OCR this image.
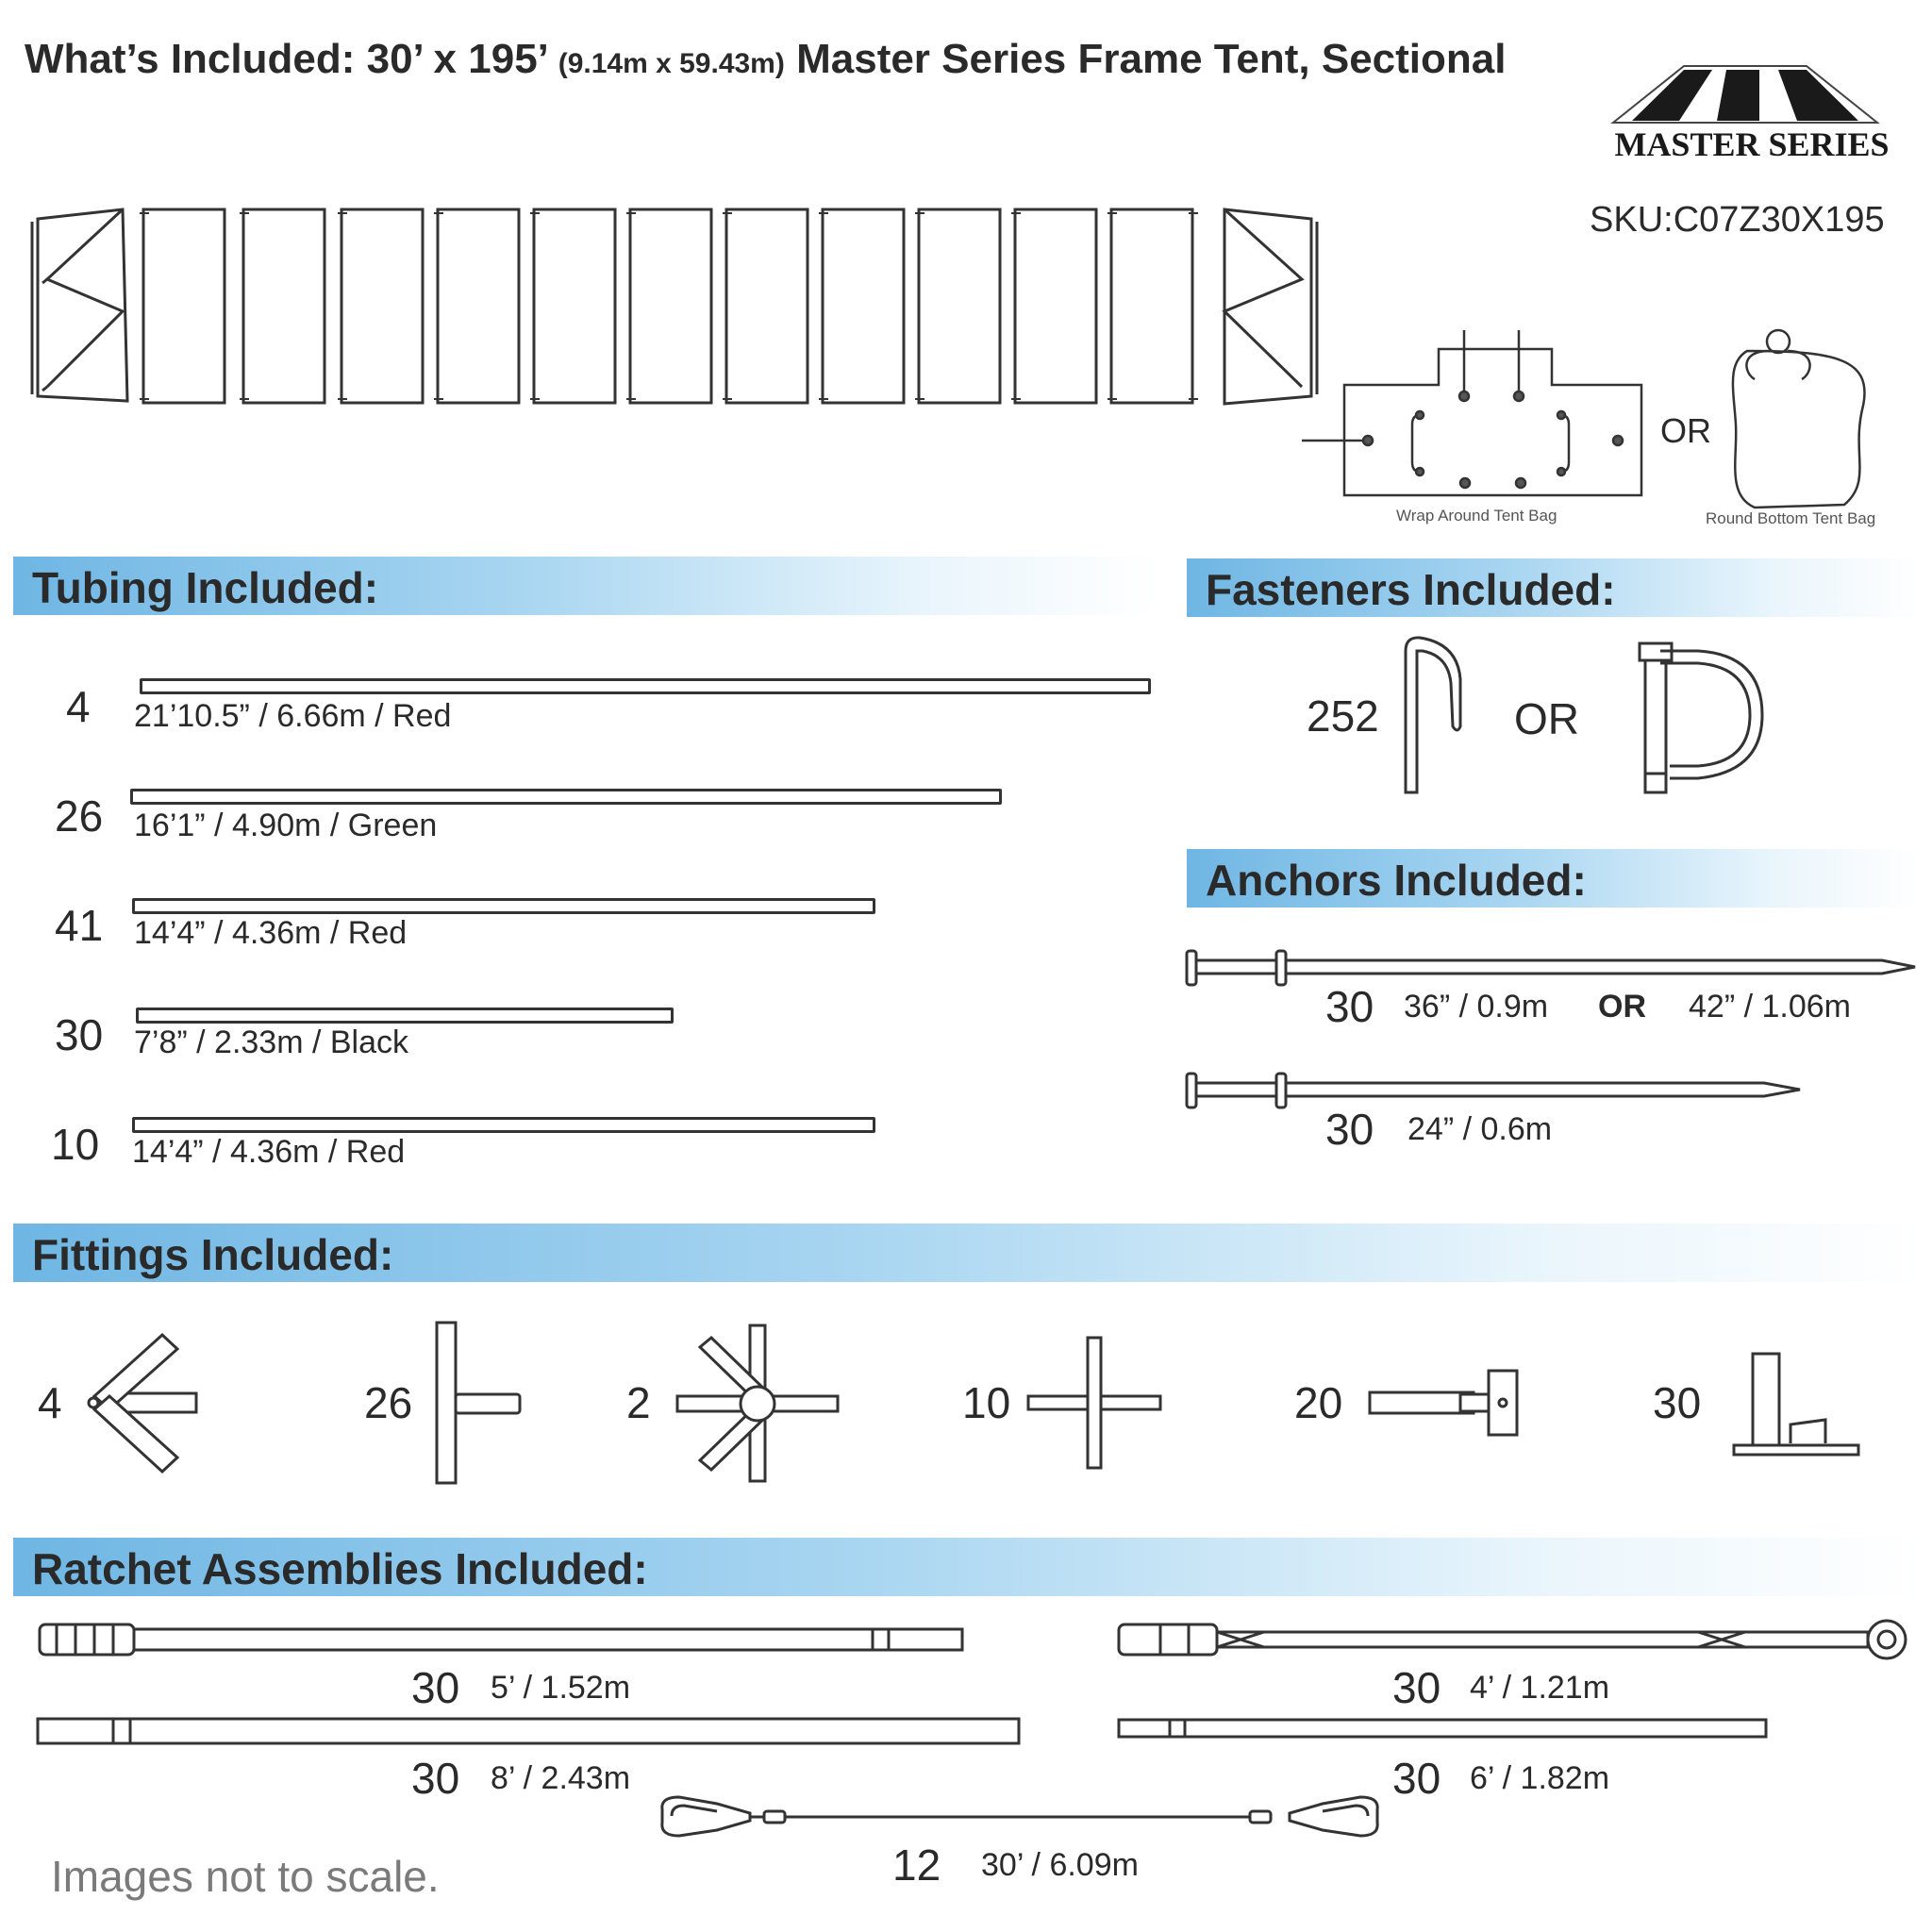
What’s Included: 30’ x 195’ (9.14m x 59.43m) Master Series Frame Tent, Sectional
MASTER SERIES
SKU:C07Z30X195
OR
Wrap Around Tent Bag	Round Bottom Tent Bag
Tubing Included:
4 21’10.5” / 6.66m / Red
26 16’1” / 4.90m / Green
41 14’4” / 4.36m / Red
30 7’8” / 2.33m / Black
10 14’4” / 4.36m / Red
Fasteners Included:
252	OR
Anchors Included:
30 36” / 0.9m OR 42” / 1.06m
30 24” / 0.6m
Fittings Included:
4	26	2	10	20	30
Ratchet Assemblies Included:
30 5’ / 1.52m	30 4’ / 1.21m
30 8’ / 2.43m	30 6’ / 1.82m
12 30’ / 6.09m
Images not to scale.
